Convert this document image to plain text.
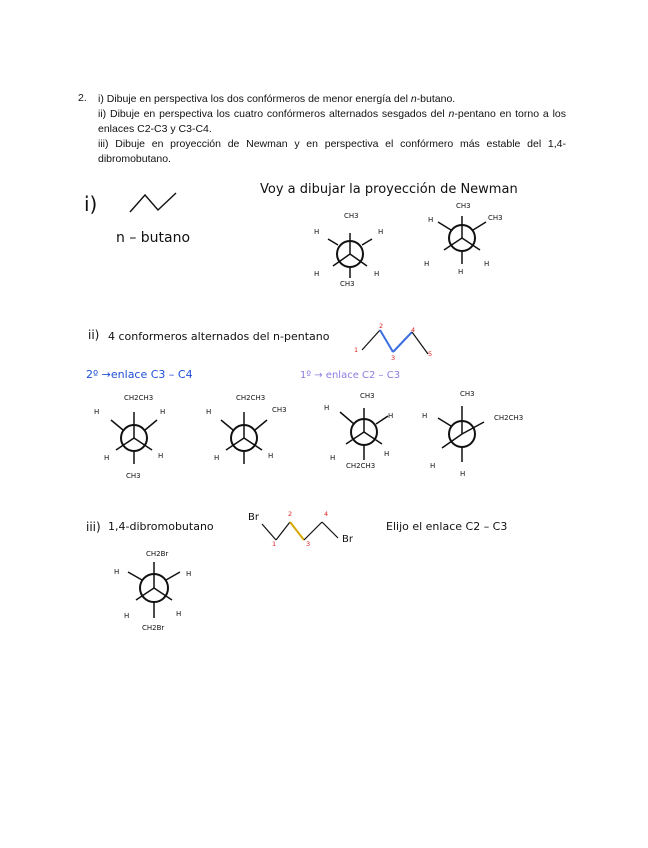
2. i) Dibuje en perspectiva los dos confórmeros de menor energía del n-butano.

ii) Dibuje en perspectiva los cuatro confórmeros alternados sesgados del n-pentano en torno a los enlaces C2-C3 y C3-C4.

iii) Dibuje en proyección de Newman y en perspectiva el confórmero más estable del 1,4-dibromobutano.

i)
n – butano
Voy a dibujar la proyección de Newman
CH3
H	H
H	H
CH3
CH3
CH3
H
H
H
H
ii) 4 conformeros alternados del n-pentano
1
2
3
4
5
2º →enlace C3 – C4	1º → enlace C2 – C3
CH2CH3
H	H
H	H
CH3
CH2CH3
H	CH3
H	H
CH3
H
H
H	H
CH2CH3
CH3
H	CH2CH3
H
H
iii) 1,4-dibromobutano
Br
Br
1
2
3
4
Elijo el enlace C2 – C3
CH2Br
H	H
H	H
CH2Br
